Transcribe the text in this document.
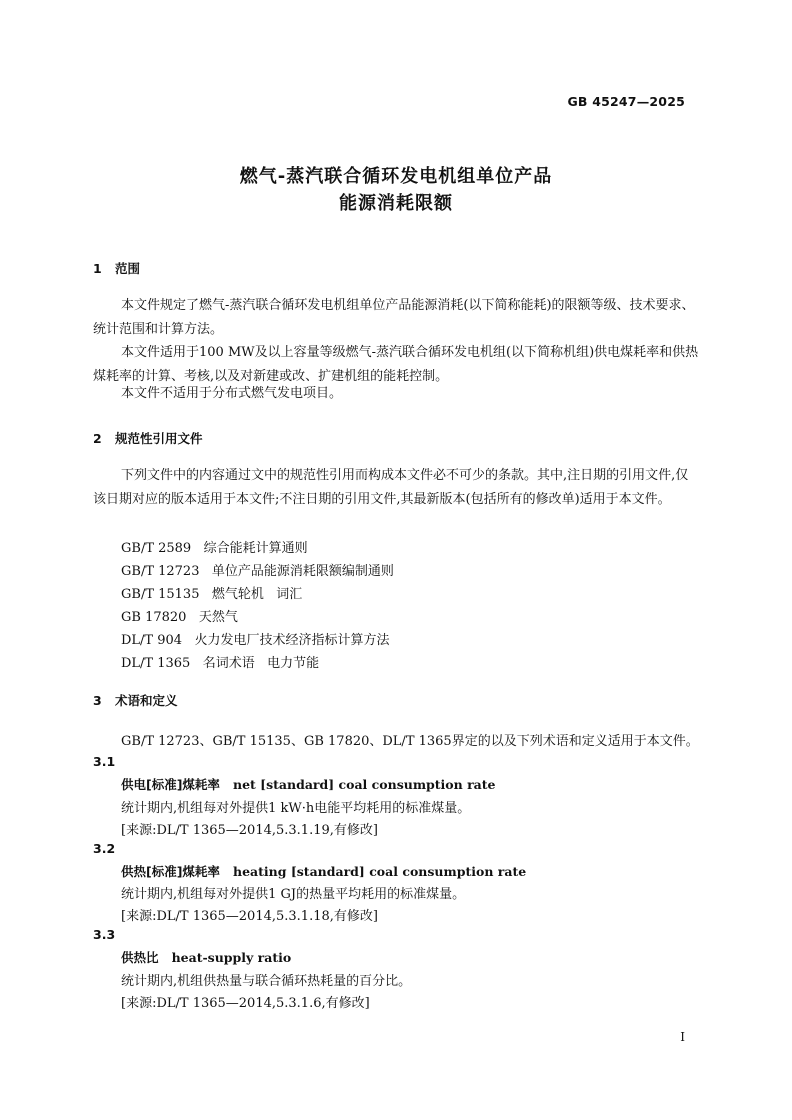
GB 45247—2025
燃气-蒸汽联合循环发电机组单位产品
能源消耗限额
1 范围
本文件规定了燃气-蒸汽联合循环发电机组单位产品能源消耗(以下简称能耗)的限额等级、技术要求、统计范围和计算方法。
本文件适用于100 MW及以上容量等级燃气-蒸汽联合循环发电机组(以下简称机组)供电煤耗率和供热煤耗率的计算、考核,以及对新建或改、扩建机组的能耗控制。
本文件不适用于分布式燃气发电项目。
2 规范性引用文件
下列文件中的内容通过文中的规范性引用而构成本文件必不可少的条款。其中,注日期的引用文件,仅该日期对应的版本适用于本文件;不注日期的引用文件,其最新版本(包括所有的修改单)适用于本文件。
GB/T 2589   综合能耗计算通则
GB/T 12723   单位产品能源消耗限额编制通则
GB/T 15135   燃气轮机   词汇
GB 17820   天然气
DL/T 904   火力发电厂技术经济指标计算方法
DL/T 1365   名词术语   电力节能
3 术语和定义
GB/T 12723、GB/T 15135、GB 17820、DL/T 1365界定的以及下列术语和定义适用于本文件。
3.1
供电[标准]煤耗率 net [standard] coal consumption rate
统计期内,机组每对外提供1 kW·h电能平均耗用的标准煤量。
[来源:DL/T 1365—2014,5.3.1.19,有修改]
3.2
供热[标准]煤耗率 heating [standard] coal consumption rate
统计期内,机组每对外提供1 GJ的热量平均耗用的标准煤量。
[来源:DL/T 1365—2014,5.3.1.18,有修改]
3.3
供热比 heat-supply ratio
统计期内,机组供热量与联合循环热耗量的百分比。
[来源:DL/T 1365—2014,5.3.1.6,有修改]
I
